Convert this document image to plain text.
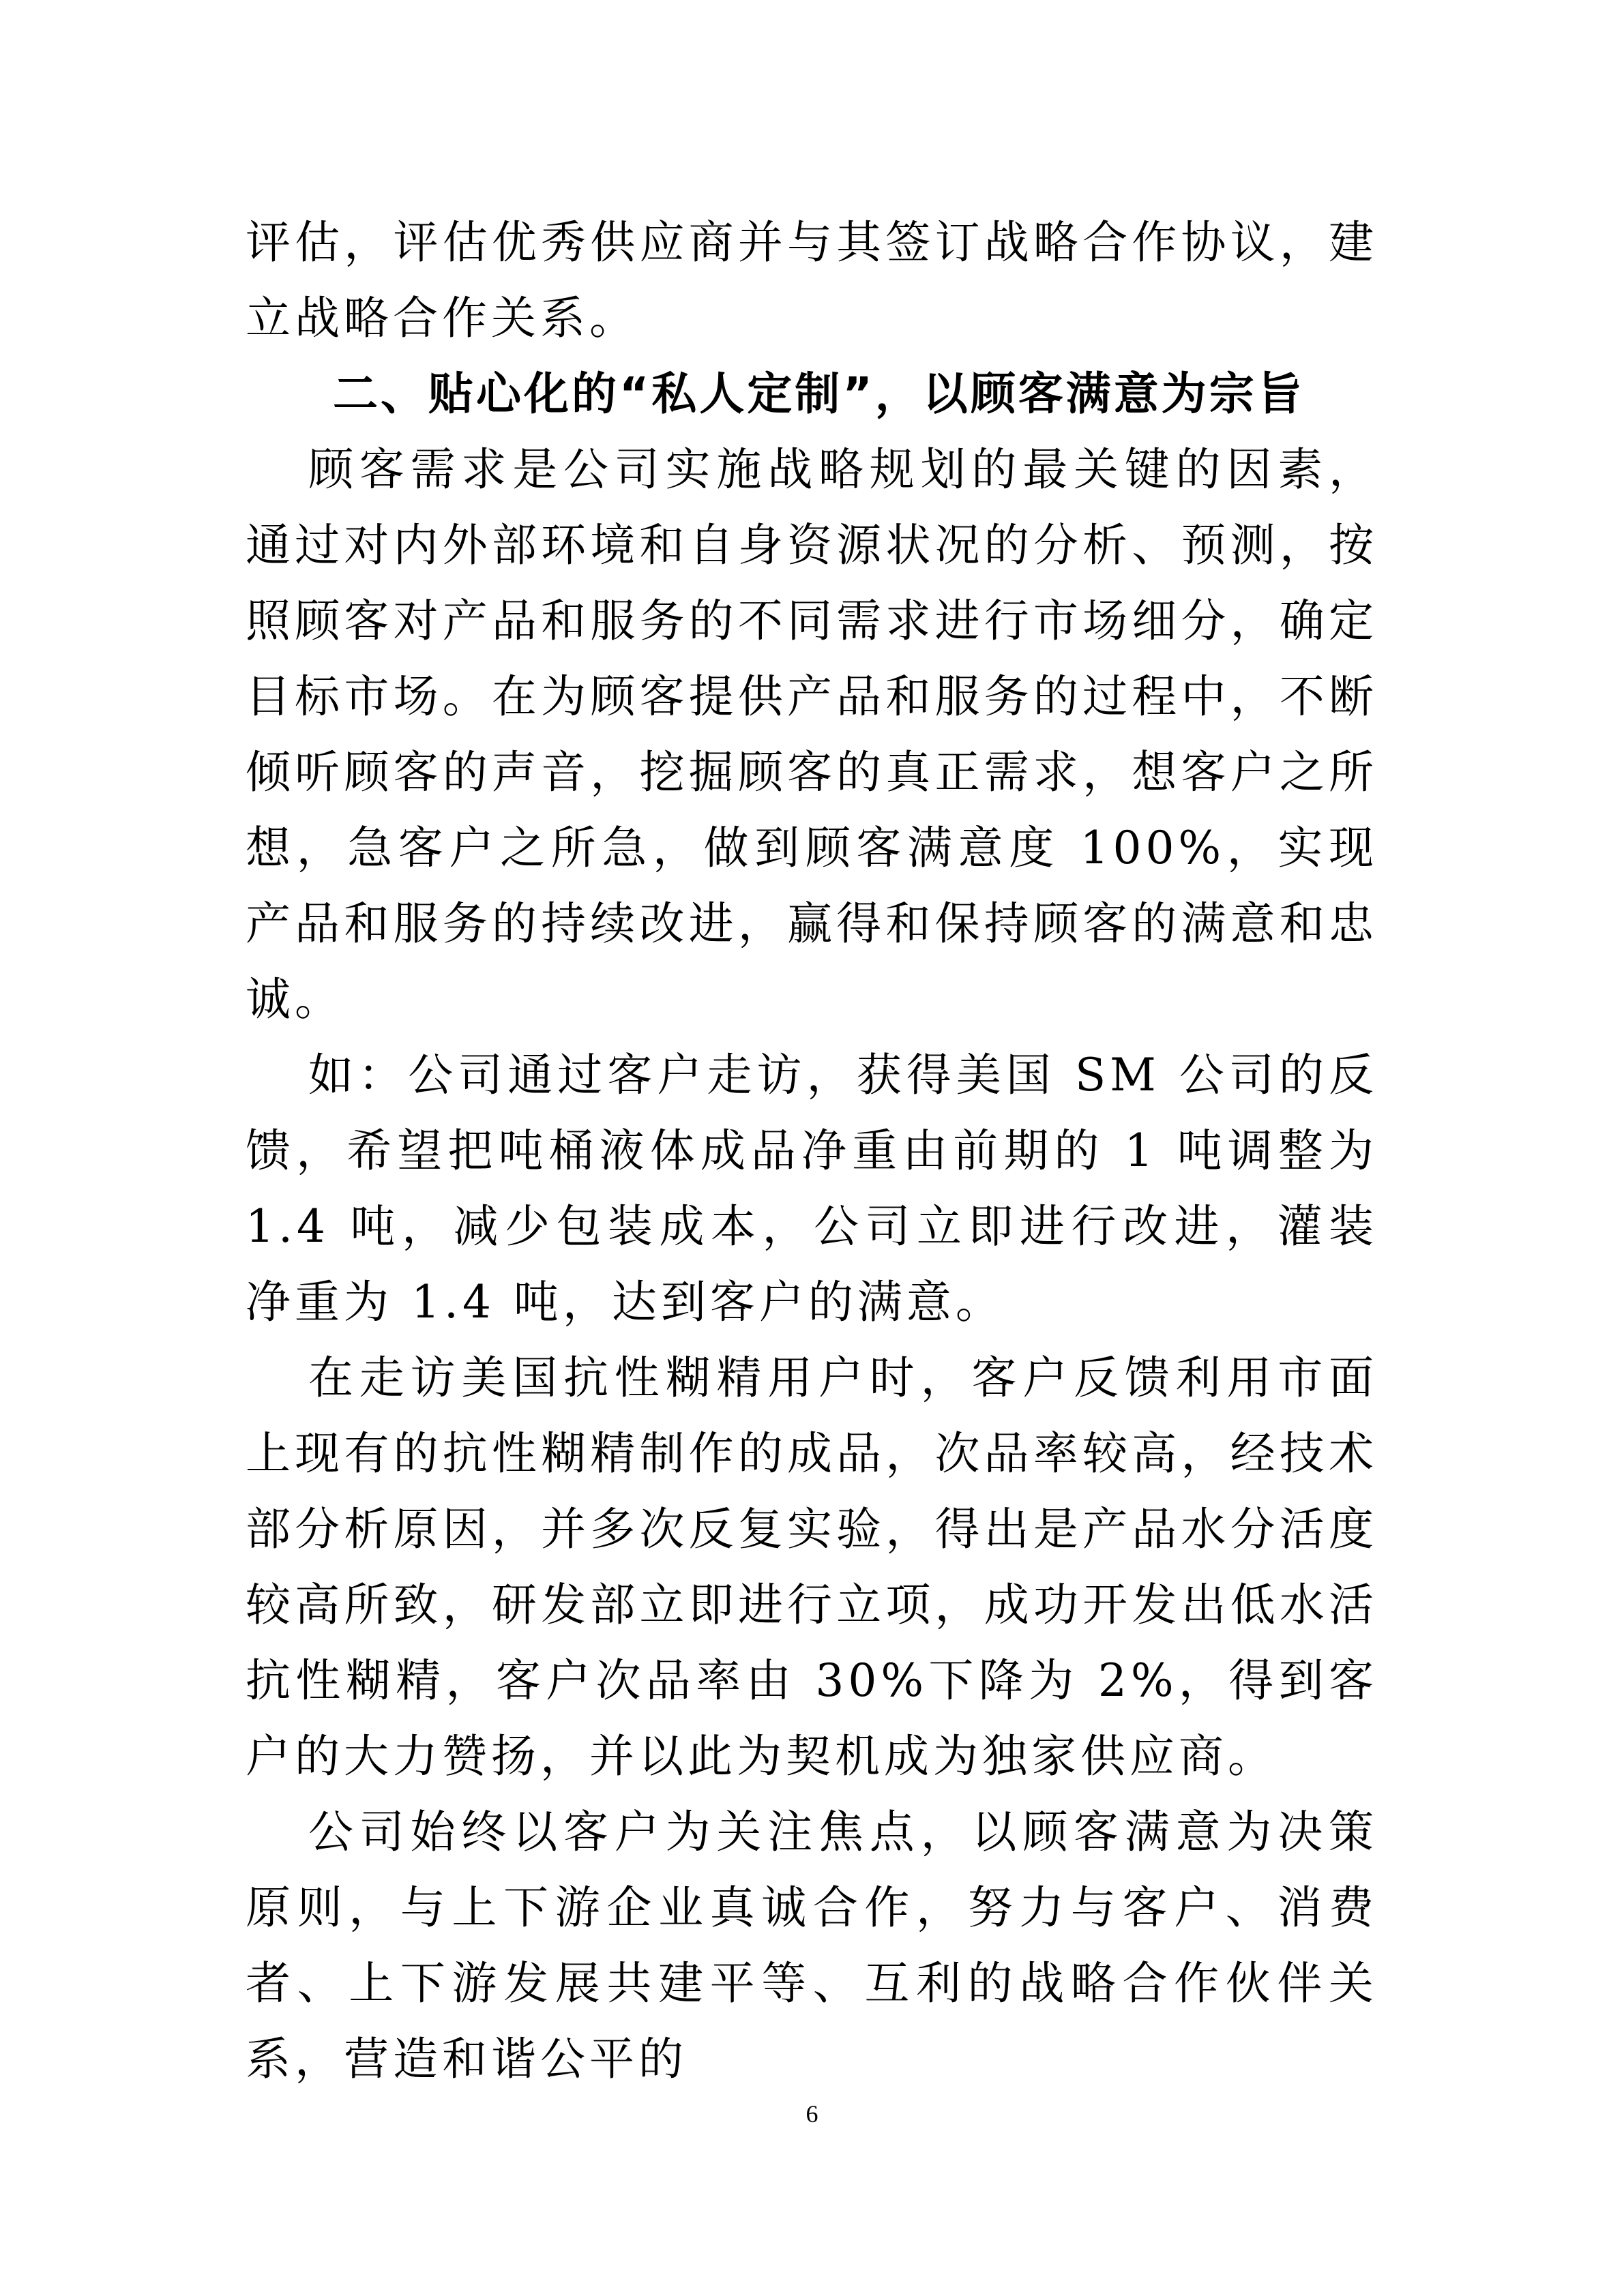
评估，评估优秀供应商并与其签订战略合作协议，建立战略合作关系。

二、贴心化的“私人定制”，以顾客满意为宗旨

顾客需求是公司实施战略规划的最关键的因素，通过对内外部环境和自身资源状况的分析、预测，按照顾客对产品和服务的不同需求进行市场细分，确定目标市场。在为顾客提供产品和服务的过程中，不断倾听顾客的声音，挖掘顾客的真正需求，想客户之所想，急客户之所急，做到顾客满意度 100%，实现产品和服务的持续改进，赢得和保持顾客的满意和忠诚。

如：公司通过客户走访，获得美国 SM 公司的反馈，希望把吨桶液体成品净重由前期的 1 吨调整为 1.4 吨，减少包装成本，公司立即进行改进，灌装净重为 1.4 吨，达到客户的满意。

在走访美国抗性糊精用户时，客户反馈利用市面上现有的抗性糊精制作的成品，次品率较高，经技术部分析原因，并多次反复实验，得出是产品水分活度较高所致，研发部立即进行立项，成功开发出低水活抗性糊精，客户次品率由 30%下降为 2%，得到客户的大力赞扬，并以此为契机成为独家供应商。

公司始终以客户为关注焦点，以顾客满意为决策原则，与上下游企业真诚合作，努力与客户、消费者、上下游发展共建平等、互利的战略合作伙伴关系，营造和谐公平的

6
